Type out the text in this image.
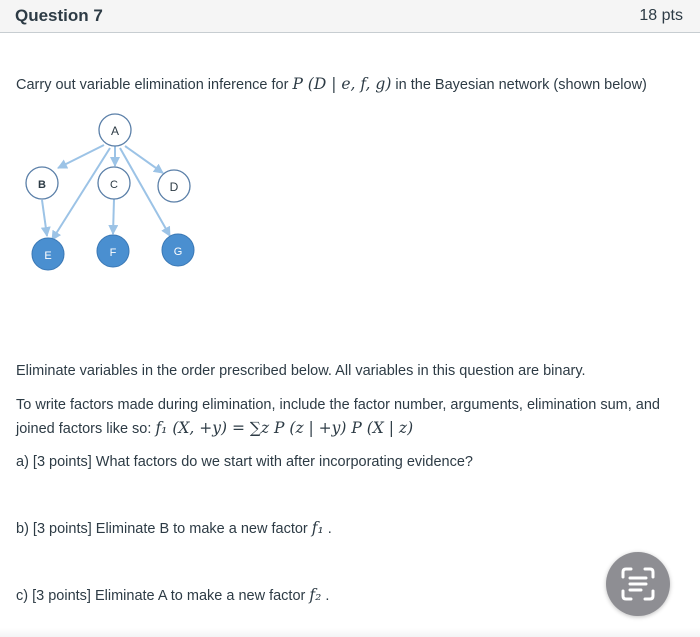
Question 7	18 pts
Carry out variable elimination inference for P (D | e, f, g) in the Bayesian network (shown below)
A
B	C	D
E	F	G
Eliminate variables in the order prescribed below. All variables in this question are binary.
To write factors made during elimination, include the factor number, arguments, elimination sum, and
joined factors like so: f₁ (X, +y) = ∑z P (z | +y) P (X | z)
a) [3 points] What factors do we start with after incorporating evidence?
b) [3 points] Eliminate B to make a new factor f₁ .
c) [3 points] Eliminate A to make a new factor f₂ .
